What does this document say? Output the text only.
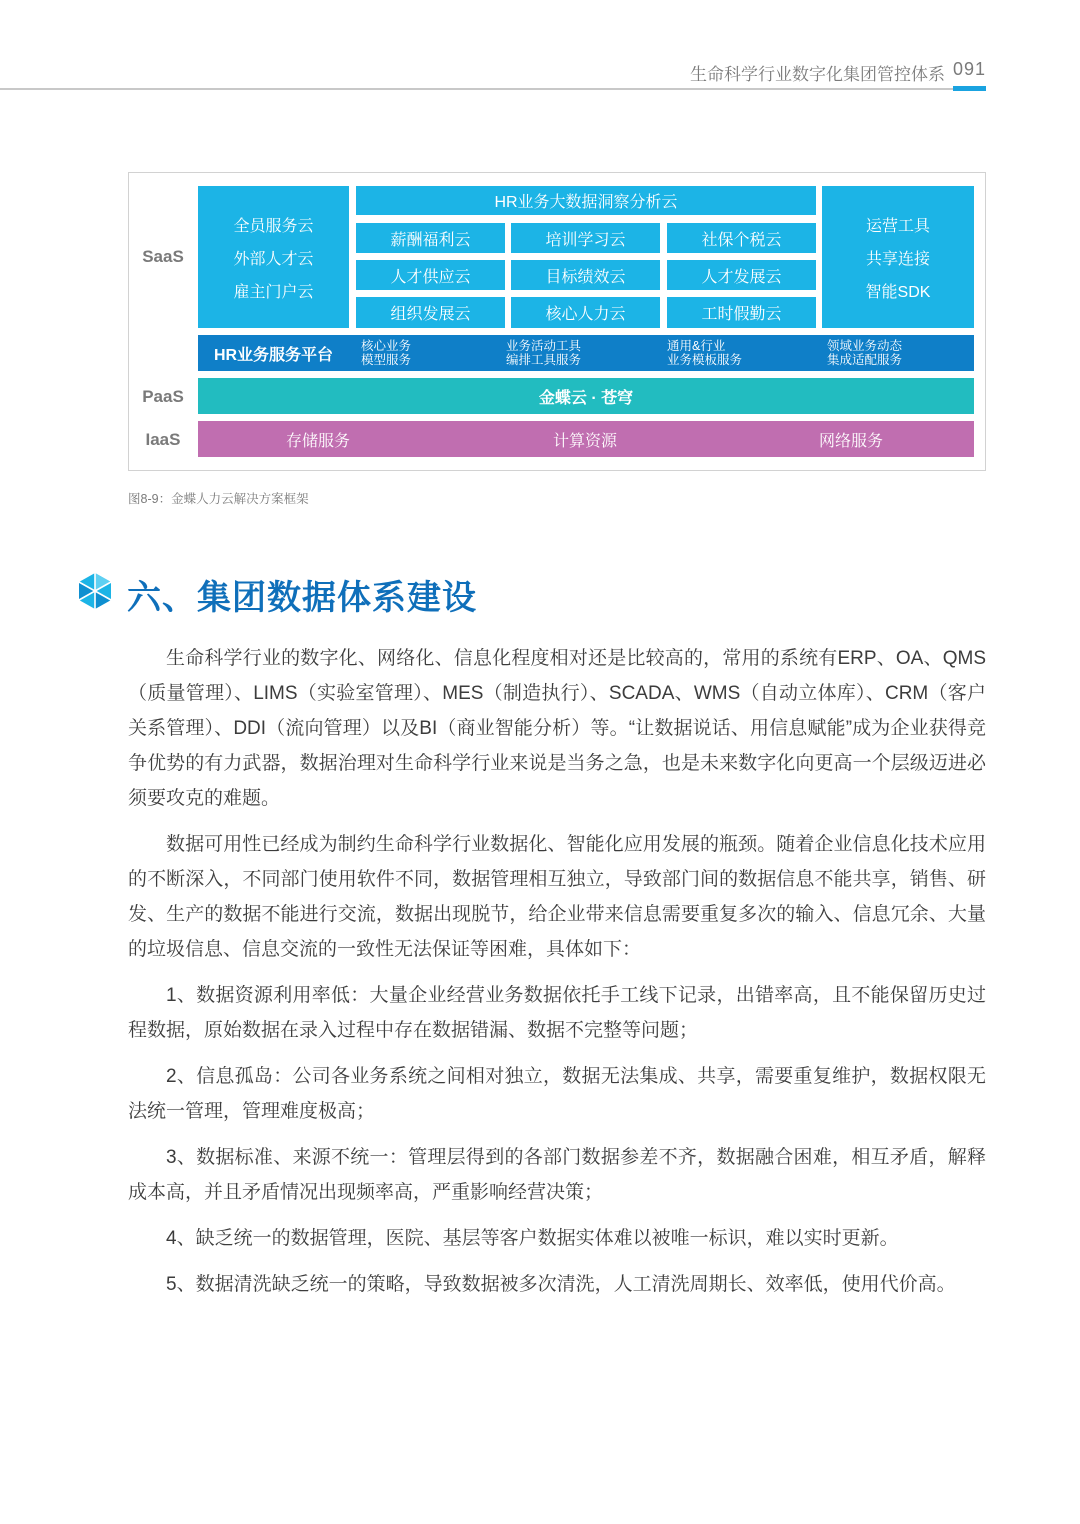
生命科学行业数字化集团管控体系 091
SaaS
PaaS
IaaS
全员服务云
外部人才云
雇主门户云
HR业务大数据洞察分析云
薪酬福利云	培训学习云	社保个税云
人才供应云	目标绩效云	人才发展云
组织发展云	核心人力云	工时假勤云
运营工具
共享连接
智能SDK
HR业务服务平台
核心业务
模型服务
业务活动工具
编排工具服务
通用&行业
业务模板服务
领域业务动态
集成适配服务
金蝶云 · 苍穹
存储服务	计算资源	网络服务
图8-9：金蝶人力云解决方案框架
六、集团数据体系建设

生命科学行业的数字化、网络化、信息化程度相对还是比较高的，常用的系统有ERP、OA、QMS（质量管理）、LIMS（实验室管理）、MES（制造执行）、SCADA、WMS（自动立体库）、CRM（客户关系管理）、DDI（流向管理）以及BI（商业智能分析）等。“让数据说话、用信息赋能”成为企业获得竞争优势的有力武器，数据治理对生命科学行业来说是当务之急，也是未来数字化向更高一个层级迈进必须要攻克的难题。

数据可用性已经成为制约生命科学行业数据化、智能化应用发展的瓶颈。随着企业信息化技术应用的不断深入，不同部门使用软件不同，数据管理相互独立，导致部门间的数据信息不能共享，销售、研发、生产的数据不能进行交流，数据出现脱节，给企业带来信息需要重复多次的输入、信息冗余、大量的垃圾信息、信息交流的一致性无法保证等困难，具体如下：

1、数据资源利用率低：大量企业经营业务数据依托手工线下记录，出错率高，且不能保留历史过程数据，原始数据在录入过程中存在数据错漏、数据不完整等问题；

2、信息孤岛：公司各业务系统之间相对独立，数据无法集成、共享，需要重复维护，数据权限无法统一管理，管理难度极高；

3、数据标准、来源不统一：管理层得到的各部门数据参差不齐，数据融合困难，相互矛盾，解释成本高，并且矛盾情况出现频率高，严重影响经营决策；

4、缺乏统一的数据管理，医院、基层等客户数据实体难以被唯一标识，难以实时更新。

5、数据清洗缺乏统一的策略，导致数据被多次清洗，人工清洗周期长、效率低，使用代价高。
